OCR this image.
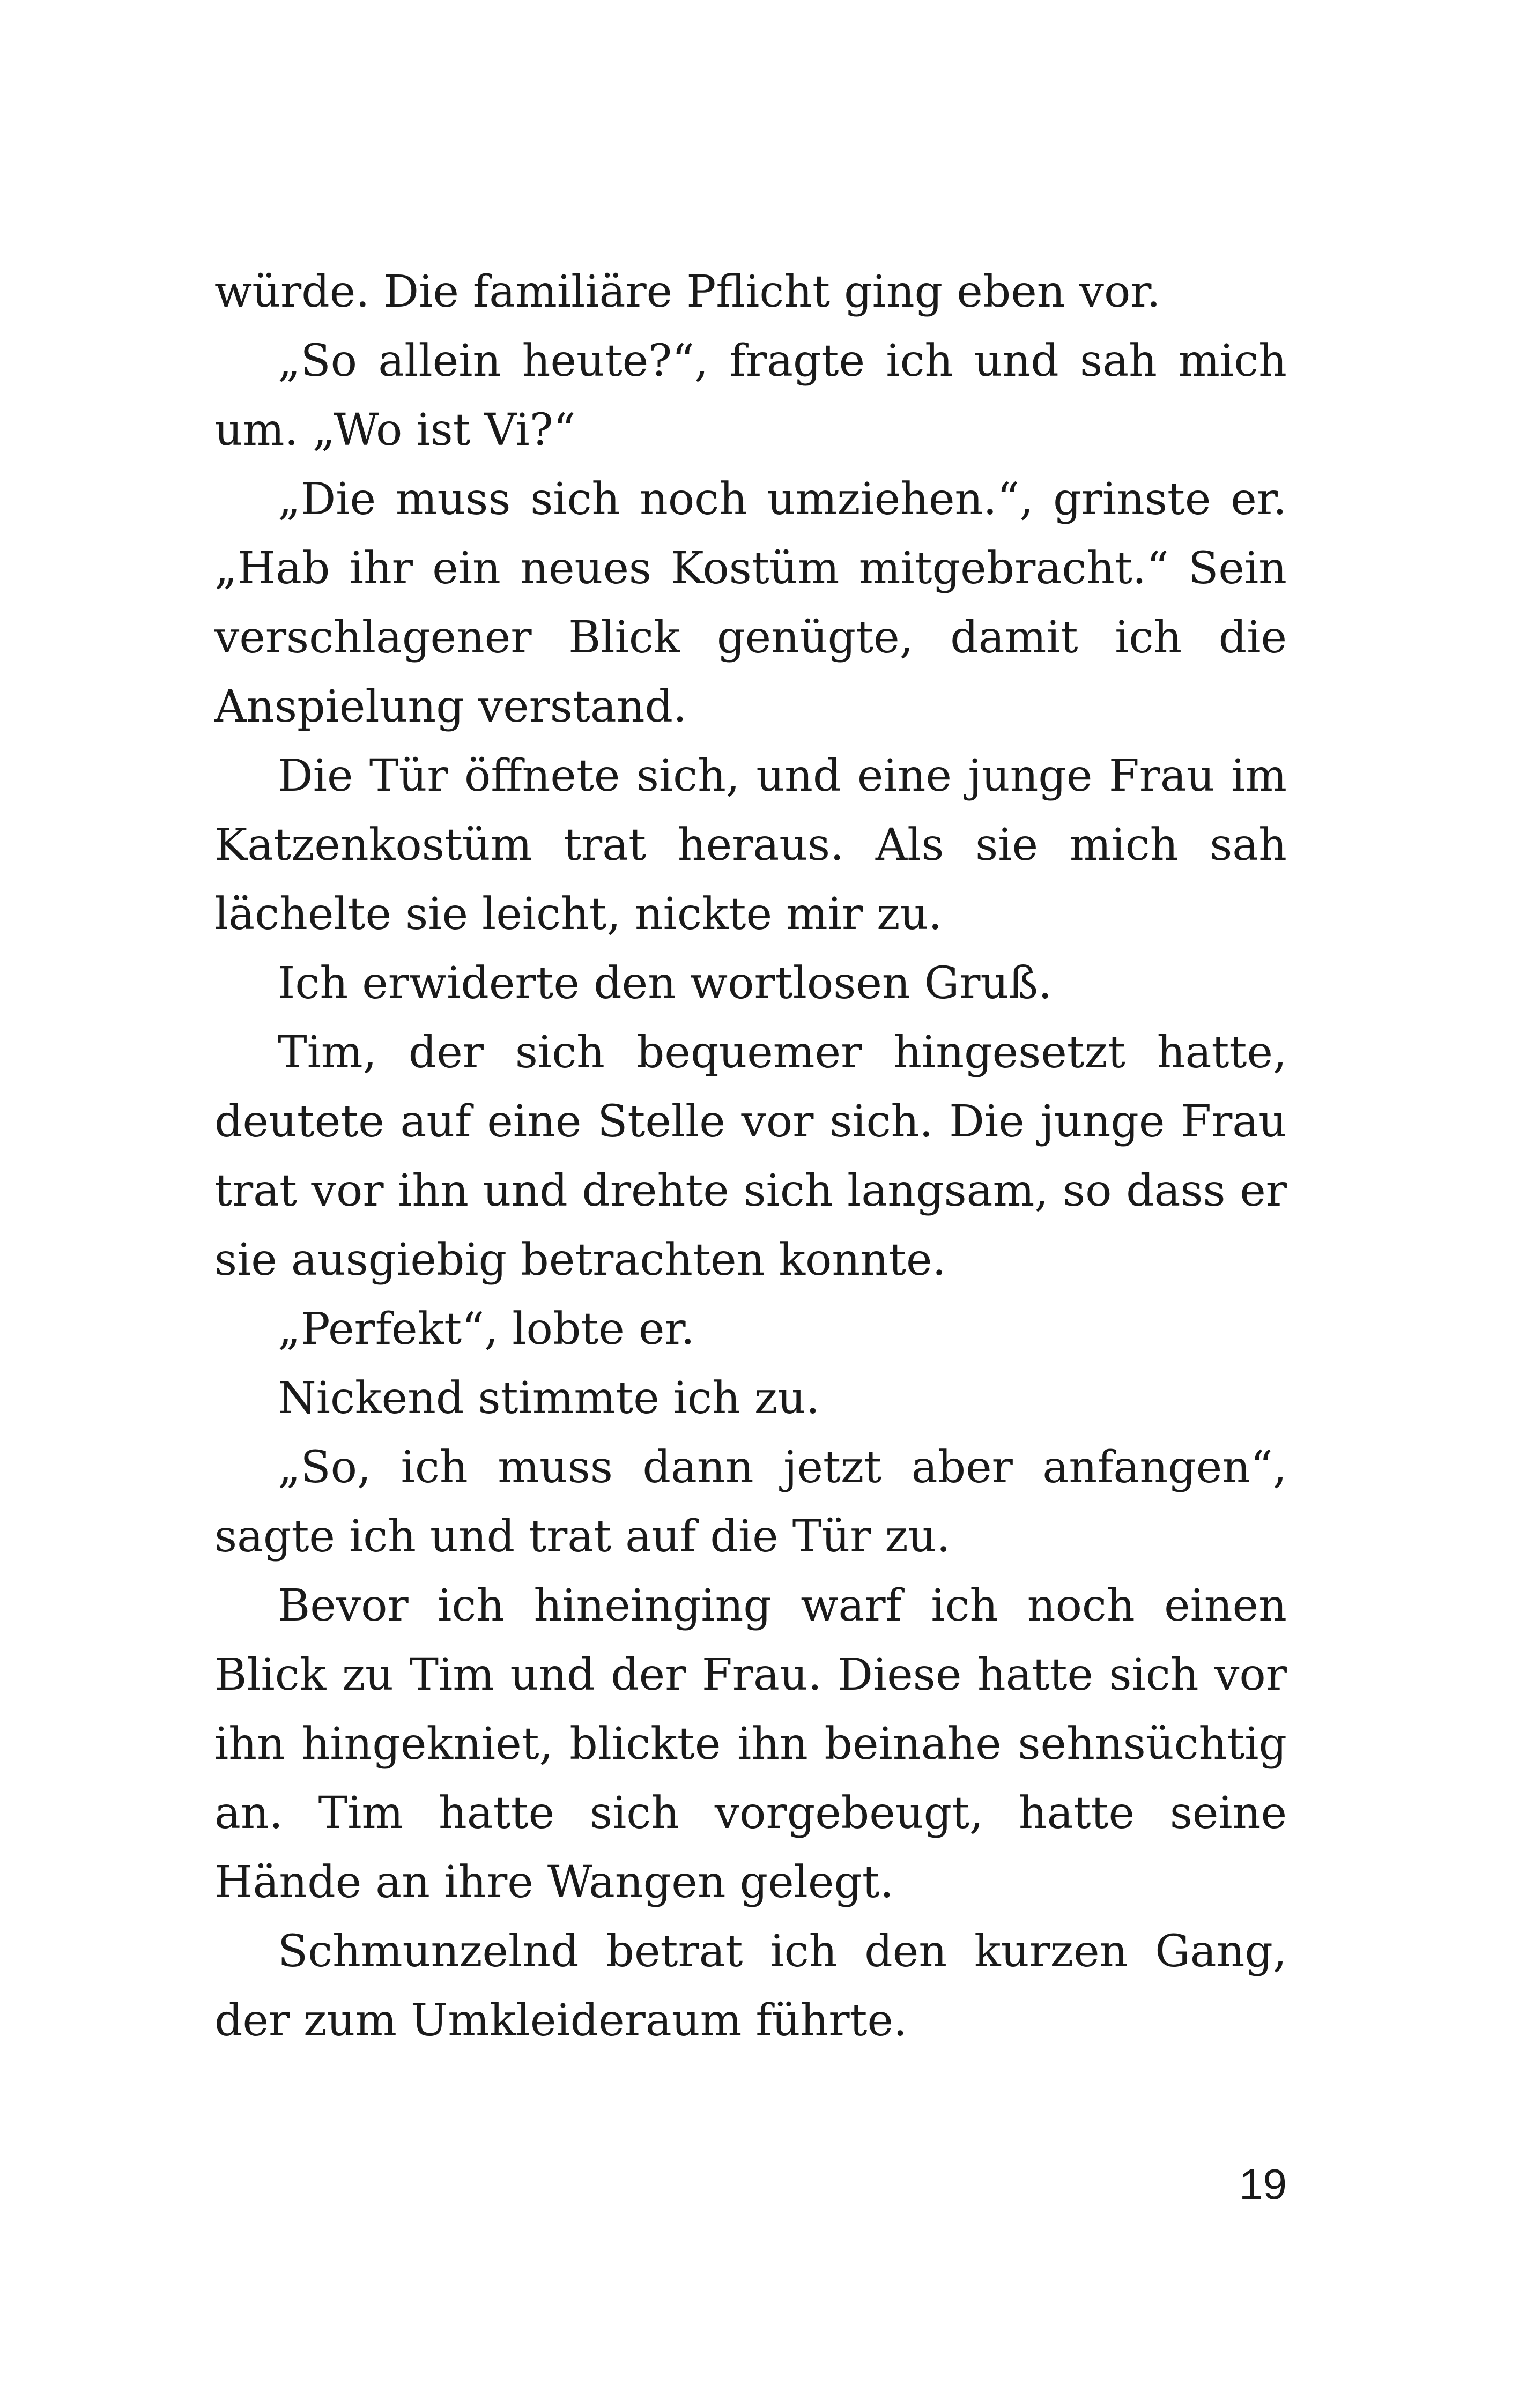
würde. Die familiäre Pflicht ging eben vor.

„So allein heute?“, fragte ich und sah mich um. „Wo ist Vi?“

„Die muss sich noch umziehen.“, grinste er. „Hab ihr ein neues Kostüm mitgebracht.“ Sein verschlagener Blick genügte, damit ich die Anspielung verstand.

Die Tür öffnete sich, und eine junge Frau im Katzenkostüm trat heraus. Als sie mich sah lächelte sie leicht, nickte mir zu.

Ich erwiderte den wortlosen Gruß.

Tim, der sich bequemer hingesetzt hatte, deutete auf eine Stelle vor sich. Die junge Frau trat vor ihn und drehte sich langsam, so dass er sie ausgiebig betrachten konnte.

„Perfekt“, lobte er.

Nickend stimmte ich zu.

„So, ich muss dann jetzt aber anfangen“, sagte ich und trat auf die Tür zu.

Bevor ich hineinging warf ich noch einen Blick zu Tim und der Frau. Diese hatte sich vor ihn hingekniet, blickte ihn beinahe sehnsüchtig an. Tim hatte sich vorgebeugt, hatte seine Hände an ihre Wangen gelegt.

Schmunzelnd betrat ich den kurzen Gang, der zum Umkleideraum führte.

19
